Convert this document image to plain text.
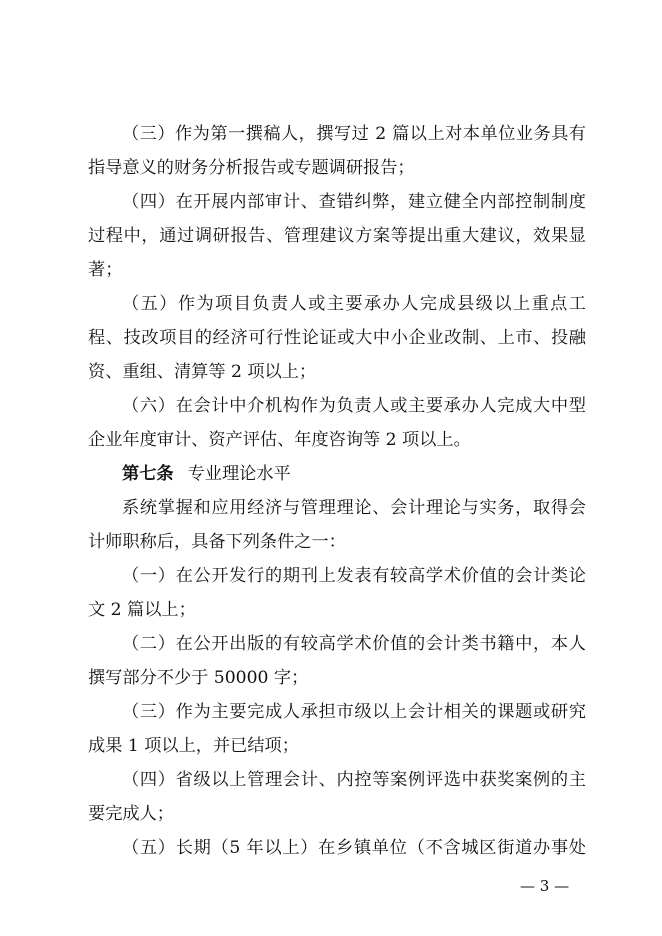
（三）作为第一撰稿人，撰写过 2 篇以上对本单位业务具有
指导意义的财务分析报告或专题调研报告；
（四）在开展内部审计、查错纠弊，建立健全内部控制制度
过程中，通过调研报告、管理建议方案等提出重大建议，效果显
著；
（五）作为项目负责人或主要承办人完成县级以上重点工
程、技改项目的经济可行性论证或大中小企业改制、上市、投融
资、重组、清算等 2 项以上；
（六）在会计中介机构作为负责人或主要承办人完成大中型
企业年度审计、资产评估、年度咨询等 2 项以上。
第七条 专业理论水平
系统掌握和应用经济与管理理论、会计理论与实务，取得会
计师职称后，具备下列条件之一：
（一）在公开发行的期刊上发表有较高学术价值的会计类论
文 2 篇以上；
（二）在公开出版的有较高学术价值的会计类书籍中，本人
撰写部分不少于 50000 字；
（三）作为主要完成人承担市级以上会计相关的课题或研究
成果 1 项以上，并已结项；
（四）省级以上管理会计、内控等案例评选中获奖案例的主
要完成人；
（五）长期（5 年以上）在乡镇单位（不含城区街道办事处
— 3 —
